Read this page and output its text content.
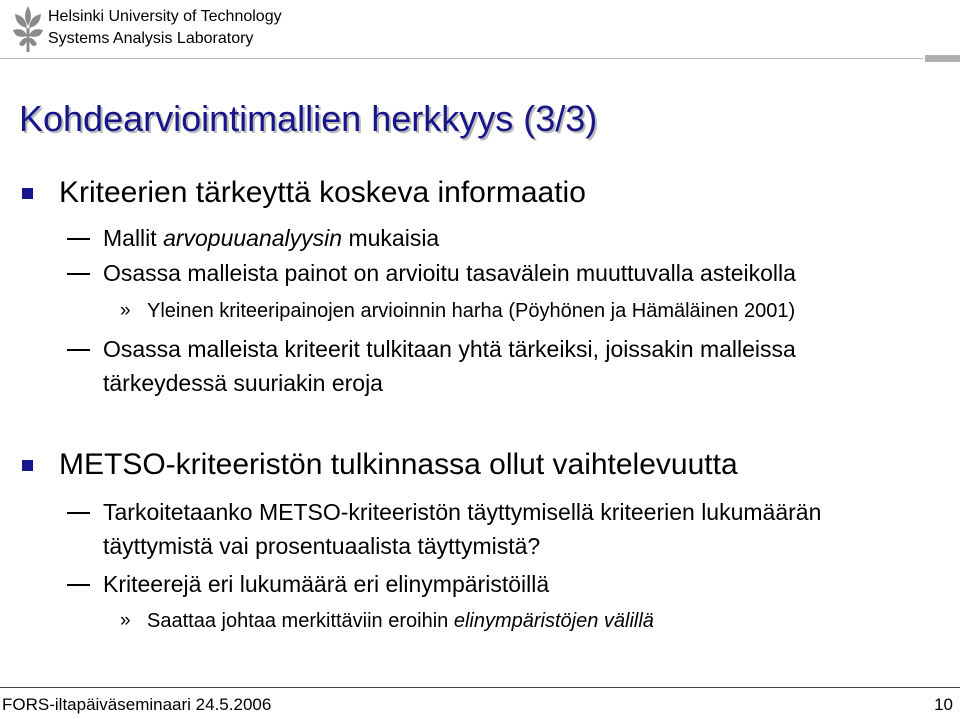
Helsinki University of Technology
Systems Analysis Laboratory
Kohdearviointimallien herkkyys (3/3)
Kriteerien tärkeyttä koskeva informaatio
Mallit arvopuuanalyysin mukaisia
Osassa malleista painot on arvioitu tasavälein muuttuvalla asteikolla
» Yleinen kriteeripainojen arvioinnin harha (Pöyhönen ja Hämäläinen 2001)
Osassa malleista kriteerit tulkitaan yhtä tärkeiksi, joissakin malleissa
tärkeydessä suuriakin eroja
METSO-kriteeristön tulkinnassa ollut vaihtelevuutta
Tarkoitetaanko METSO-kriteeristön täyttymisellä kriteerien lukumäärän
täyttymistä vai prosentuaalista täyttymistä?
Kriteerejä eri lukumäärä eri elinympäristöillä
» Saattaa johtaa merkittäviin eroihin elinympäristöjen välillä
FORS-iltapäiväseminaari 24.5.2006	10
